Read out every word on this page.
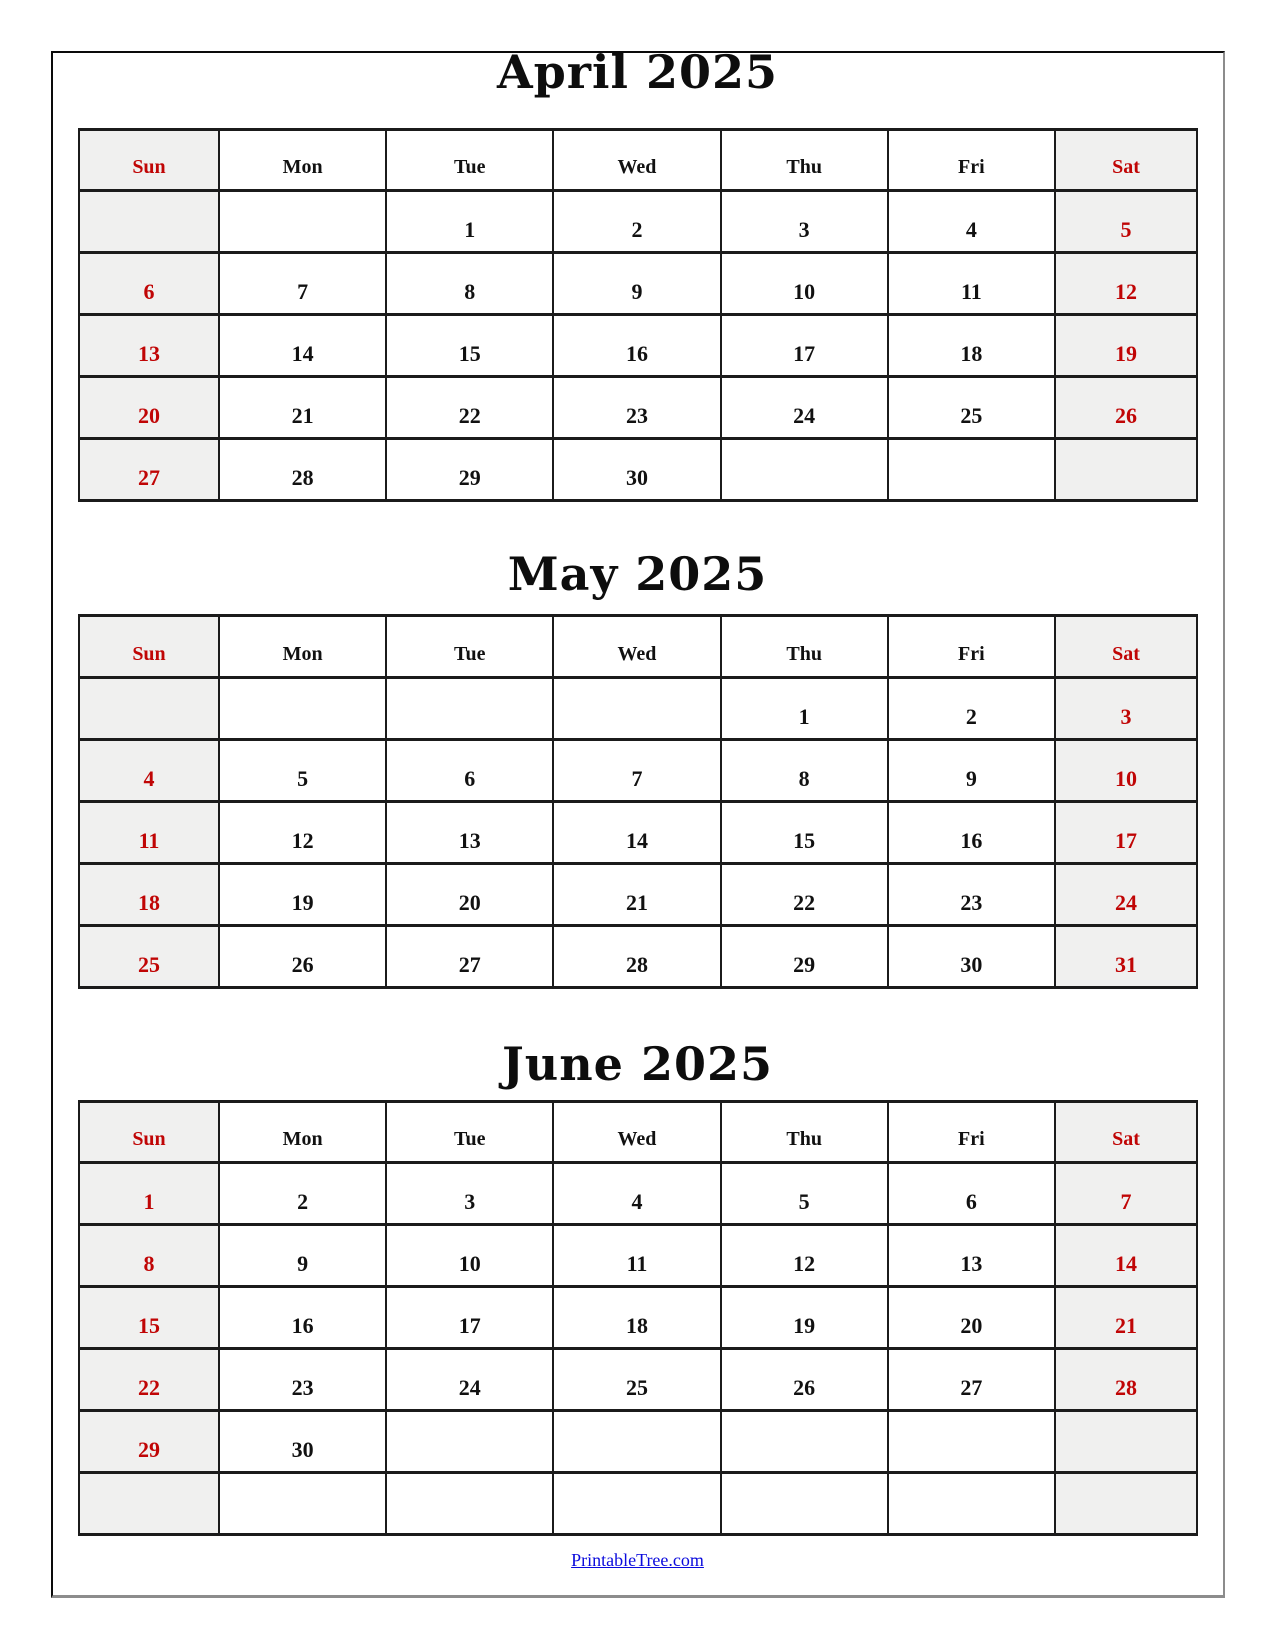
April 2025
Sun	Mon	Tue	Wed	Thu	Fri	Sat
		1	2	3	4	5
6	7	8	9	10	11	12
13	14	15	16	17	18	19
20	21	22	23	24	25	26
27	28	29	30			
May 2025
Sun	Mon	Tue	Wed	Thu	Fri	Sat
				1	2	3
4	5	6	7	8	9	10
11	12	13	14	15	16	17
18	19	20	21	22	23	24
25	26	27	28	29	30	31
June 2025
Sun	Mon	Tue	Wed	Thu	Fri	Sat
1	2	3	4	5	6	7
8	9	10	11	12	13	14
15	16	17	18	19	20	21
22	23	24	25	26	27	28
29	30					

PrintableTree.com
